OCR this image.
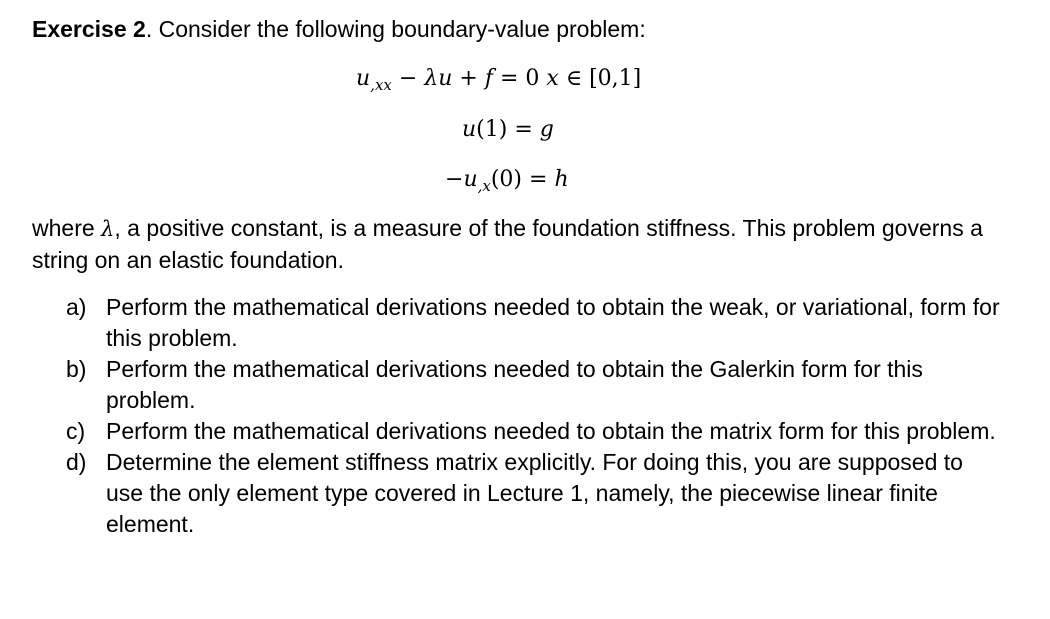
Exercise 2. Consider the following boundary-value problem:
$u_{,xx} - \lambda u + f = 0$ x ∈ [0,1]
u(1) = g
$-u_{,x}(0) = h$
where λ, a positive constant, is a measure of the foundation stiffness. This problem governs a string on an elastic foundation.
a) Perform the mathematical derivations needed to obtain the weak, or variational, form for this problem.
b) Perform the mathematical derivations needed to obtain the Galerkin form for this problem.
c) Perform the mathematical derivations needed to obtain the matrix form for this problem.
d) Determine the element stiffness matrix explicitly. For doing this, you are supposed to use the only element type covered in Lecture 1, namely, the piecewise linear finite element.
